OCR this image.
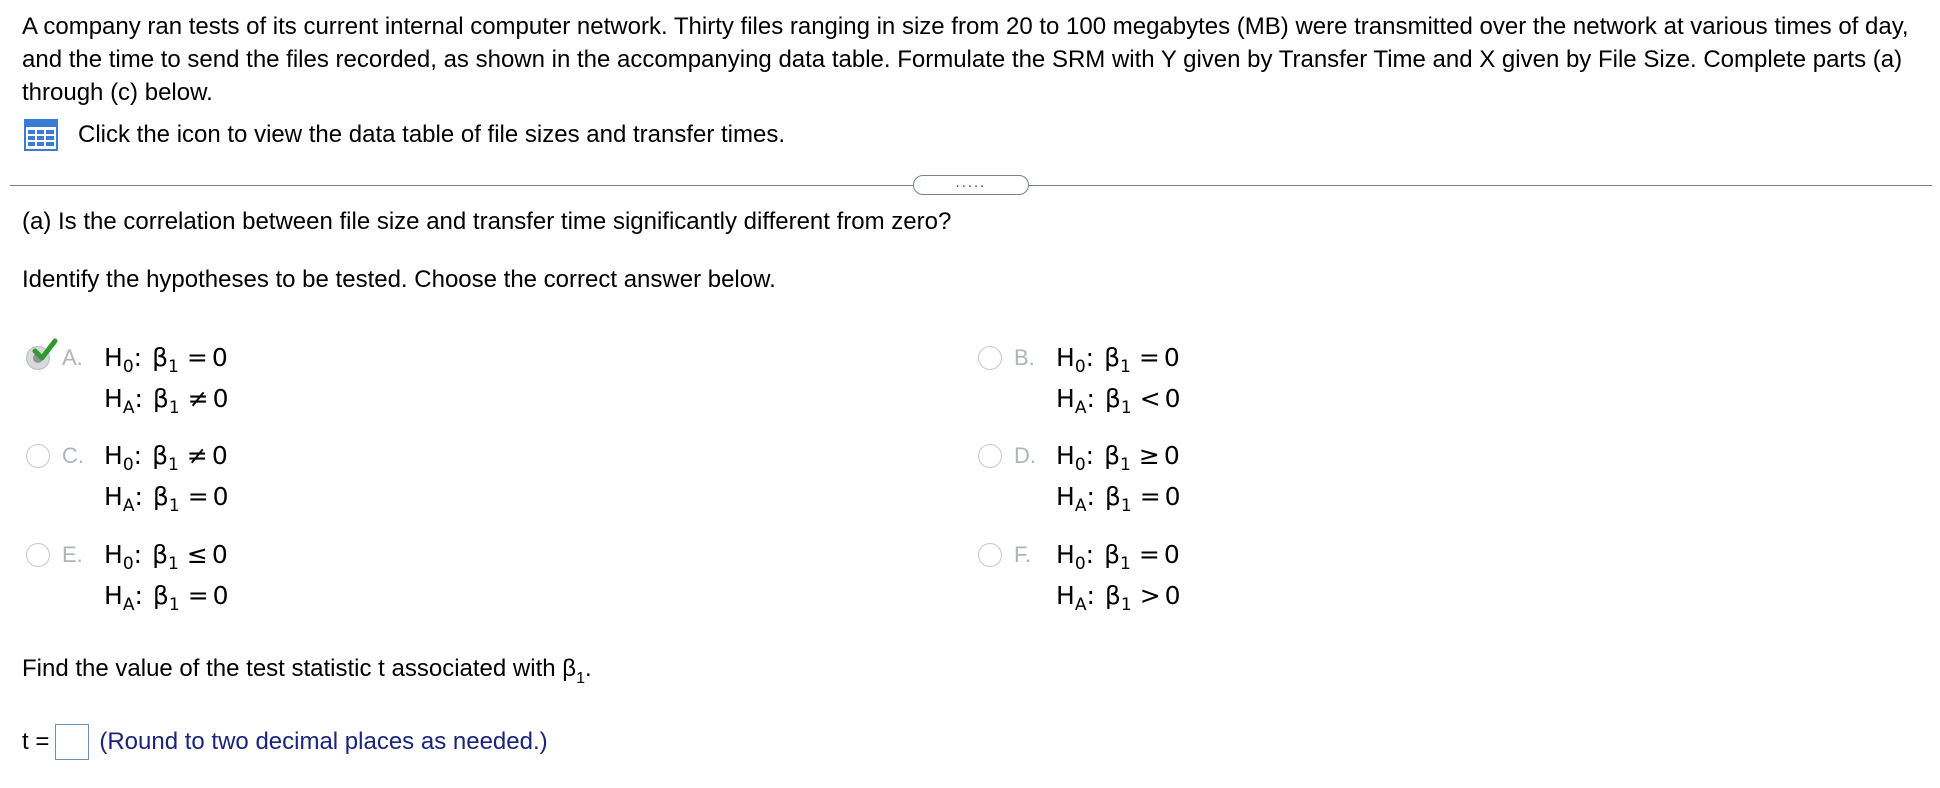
A company ran tests of its current internal computer network. Thirty files ranging in size from 20 to 100 megabytes (MB) were transmitted over the network at various times of day, and the time to send the files recorded, as shown in the accompanying data table. Formulate the SRM with Y given by Transfer Time and X given by File Size. Complete parts (a) through (c) below.
Click the icon to view the data table of file sizes and transfer times.
.....
(a) Is the correlation between file size and transfer time significantly different from zero?
Identify the hypotheses to be tested. Choose the correct answer below.
A. $H_0$: $\beta_1 = 0$
$H_A$: $\beta_1 \ne 0$
B. $H_0$: $\beta_1 = 0$
$H_A$: $\beta_1 < 0$
C. $H_0$: $\beta_1 \ne 0$
$H_A$: $\beta_1 = 0$
D. $H_0$: $\beta_1 \ge 0$
$H_A$: $\beta_1 = 0$
E. $H_0$: $\beta_1 \le 0$
$H_A$: $\beta_1 = 0$
F. $H_0$: $\beta_1 = 0$
$H_A$: $\beta_1 > 0$
Find the value of the test statistic t associated with $\beta_1$.
t = (Round to two decimal places as needed.)
